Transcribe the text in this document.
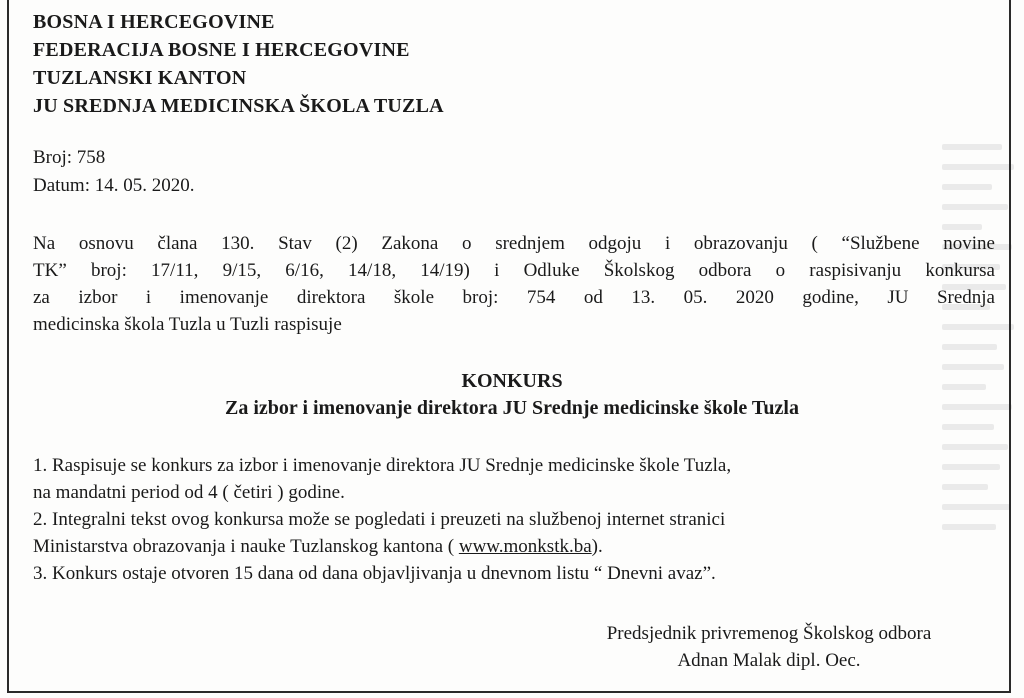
BOSNA I HERCEGOVINE
FEDERACIJA BOSNE I HERCEGOVINE
TUZLANSKI KANTON
JU SREDNJA MEDICINSKA ŠKOLA TUZLA
Broj: 758
Datum: 14. 05. 2020.
Na osnovu člana 130. Stav (2) Zakona o srednjem odgoju i obrazovanju ( “Službene novine
TK” broj: 17/11, 9/15, 6/16, 14/18, 14/19) i Odluke Školskog odbora o raspisivanju konkursa
za izbor i imenovanje direktora škole broj: 754 od 13. 05. 2020 godine, JU Srednja
medicinska škola Tuzla u Tuzli raspisuje
KONKURS
Za izbor i imenovanje direktora JU Srednje medicinske škole Tuzla
1. Raspisuje se konkurs za izbor i imenovanje direktora JU Srednje medicinske škole Tuzla,
na mandatni period od 4 ( četiri ) godine.
2. Integralni tekst ovog konkursa može se pogledati i preuzeti na službenoj internet stranici
Ministarstva obrazovanja i nauke Tuzlanskog kantona ( www.monkstk.ba).
3. Konkurs ostaje otvoren 15 dana od dana objavljivanja u dnevnom listu “ Dnevni avaz”.
Predsjednik privremenog Školskog odbora
Adnan Malak dipl. Oec.
